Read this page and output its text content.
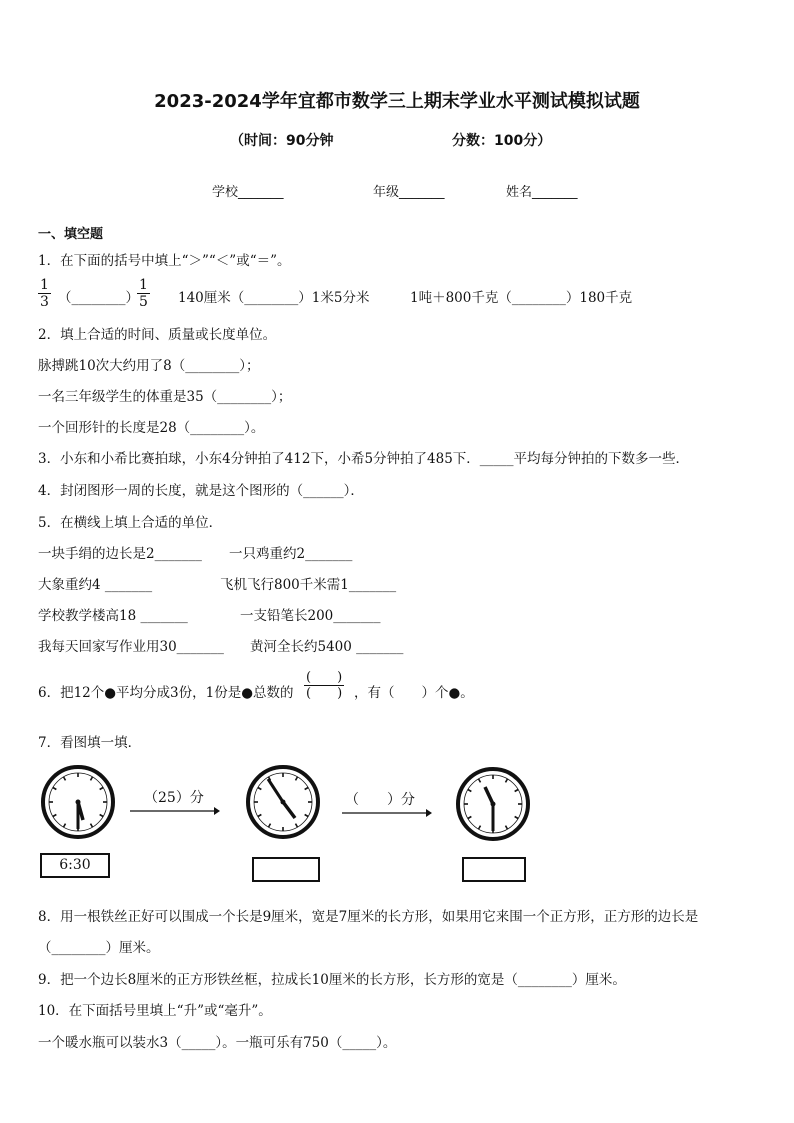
2023-2024学年宜都市数学三上期末学业水平测试模拟试题
（时间：90分钟	分数：100分）
学校_______	年级_______	姓名_______
一、填空题
1．在下面的括号中填上“＞”“＜”或“＝”。
$\frac{1}{3}$ （________）
$\frac{1}{5} 140$厘米（________）1米5分米	1吨＋800千克（________）180千克
2．填上合适的时间、质量或长度单位。
脉搏跳10次大约用了8（________）；
一名三年级学生的体重是35（________）；
一个回形针的长度是28（________）。
3．小东和小希比赛拍球，小东4分钟拍了412下，小希5分钟拍了485下．_____平均每分钟拍的下数多一些．
4．封闭图形一周的长度，就是这个图形的（______）．
5．在横线上填上合适的单位．
一块手绢的边长是2_______ 一只鸡重约2_______
大象重约4 _______	飞机飞行800千米需1_______
学校教学楼高18 _______	一支铅笔长200_______
我每天回家写作业用30_______ 黄河全长约5400 _______
6．把12个●平均分成3份，1份是●总数的 $\frac{( )}{( )}$ ，有（　　）个●。
7．看图填一填．
（25）分	（　　）分
6:30
8．用一根铁丝正好可以围成一个长是9厘米，宽是7厘米的长方形，如果用它来围一个正方形，正方形的边长是
（________）厘米。
9．把一个边长8厘米的正方形铁丝框，拉成长10厘米的长方形，长方形的宽是（________）厘米。
10．在下面括号里填上“升”或“毫升”。
一个暖水瓶可以装水3（_____）。一瓶可乐有750（_____）。
